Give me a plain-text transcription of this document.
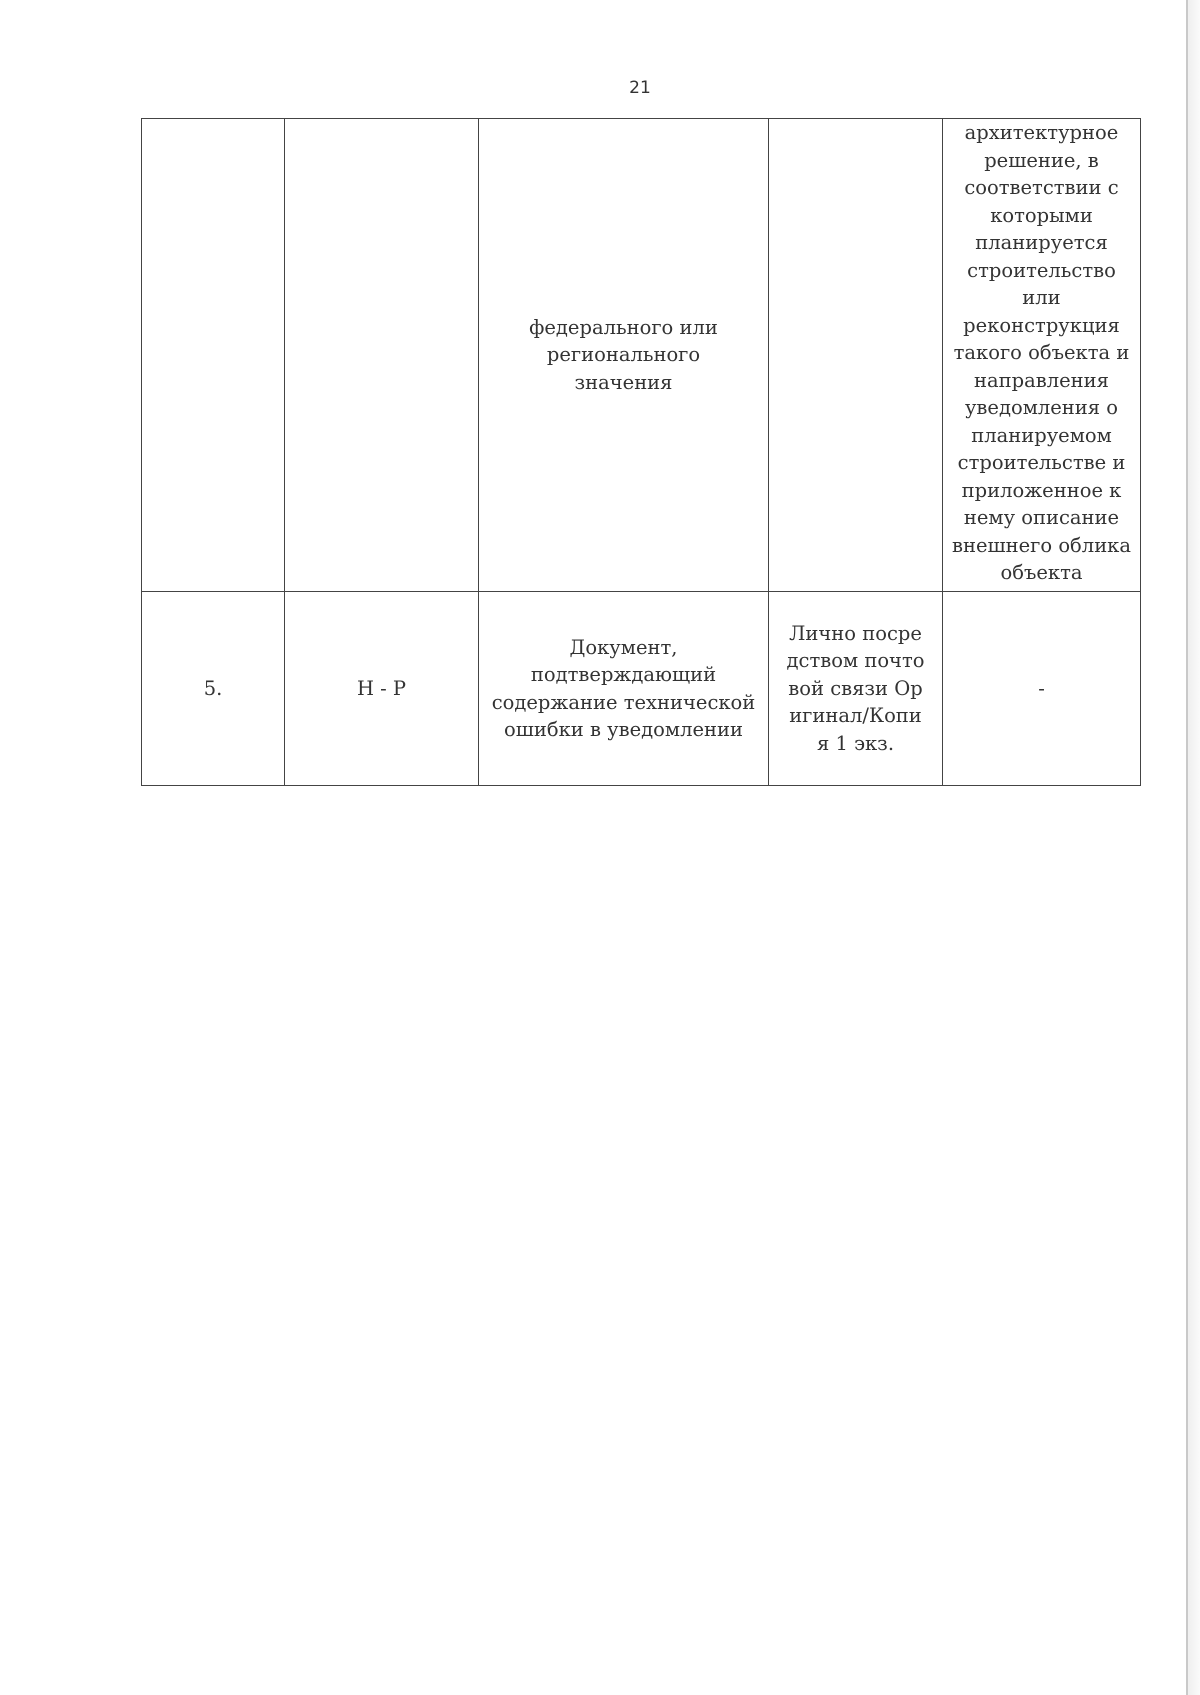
21
		федерального или регионального значения		архитектурное решение, в соответствии с которыми планируется строительство или реконструкция такого объекта и направления уведомления о планируемом строительстве и приложенное к нему описание внешнего облика объекта
5.	Н - Р	Документ, подтверждающий содержание технической ошибки в уведомлении	Лично посредством почтовой связи Оригинал/Копия 1 экз.	-
